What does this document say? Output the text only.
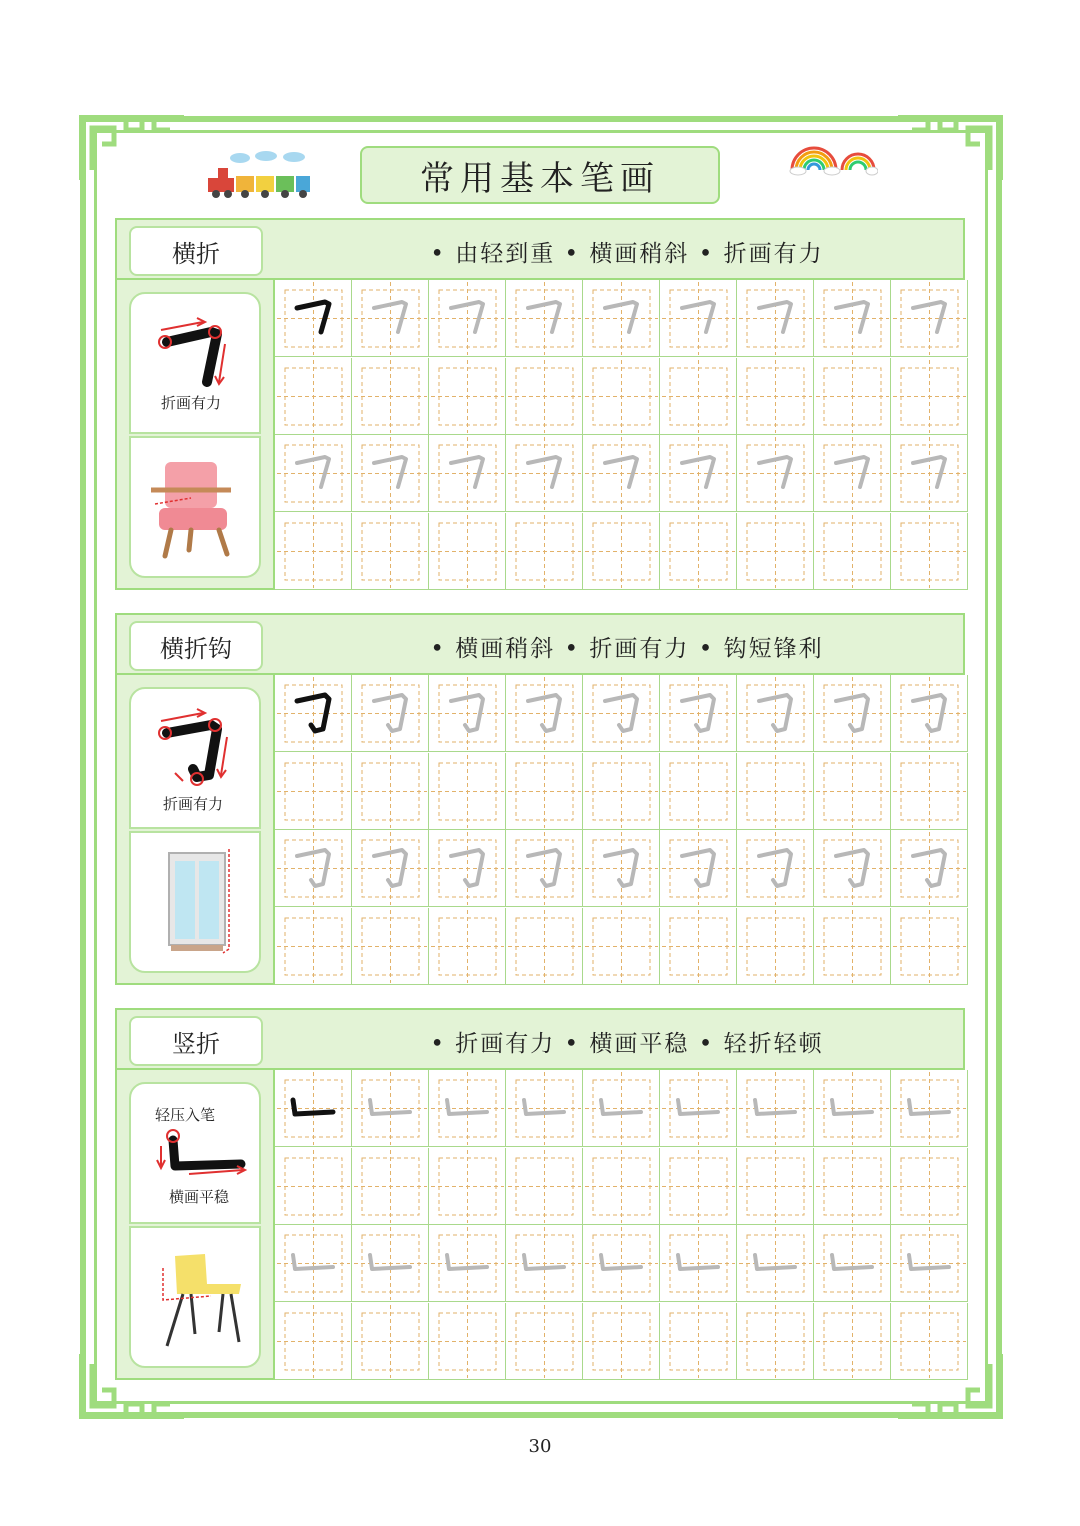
常用基本笔画
横折	• 由轻到重 • 横画稍斜 • 折画有力
折画有力
横折钩	• 横画稍斜 • 折画有力 • 钩短锋利
折画有力
竖折	• 折画有力 • 横画平稳 • 轻折轻顿
轻压入笔
横画平稳
30
